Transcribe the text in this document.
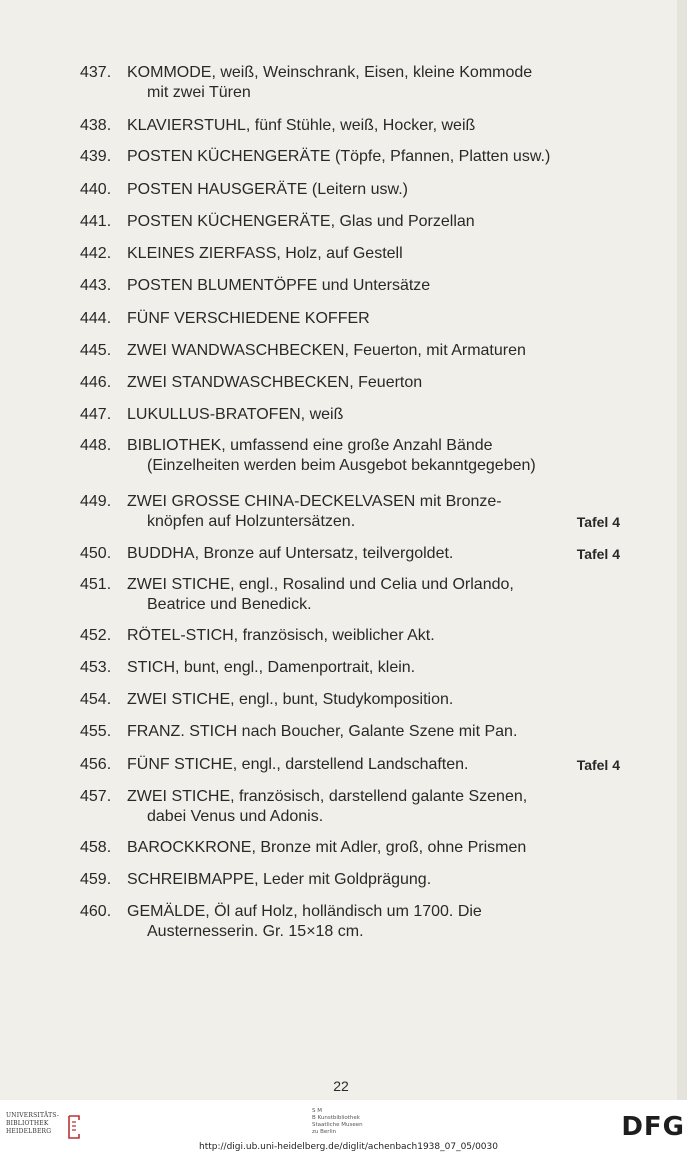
437. KOMMODE, weiß, Weinschrank, Eisen, kleine Kommode
mit zwei Türen
438. KLAVIERSTUHL, fünf Stühle, weiß, Hocker, weiß
439. POSTEN KÜCHENGERÄTE (Töpfe, Pfannen, Platten usw.)
440. POSTEN HAUSGERÄTE (Leitern usw.)
441. POSTEN KÜCHENGERÄTE, Glas und Porzellan
442. KLEINES ZIERFASS, Holz, auf Gestell
443. POSTEN BLUMENTÖPFE und Untersätze
444. FÜNF VERSCHIEDENE KOFFER
445. ZWEI WANDWASCHBECKEN, Feuerton, mit Armaturen
446. ZWEI STANDWASCHBECKEN, Feuerton
447. LUKULLUS-BRATOFEN, weiß
448. BIBLIOTHEK, umfassend eine große Anzahl Bände
(Einzelheiten werden beim Ausgebot bekanntgegeben)
449. ZWEI GROSSE CHINA-DECKELVASEN mit Bronze-
knöpfen auf Holzuntersätzen.	Tafel 4
450. BUDDHA, Bronze auf Untersatz, teilvergoldet.	Tafel 4
451. ZWEI STICHE, engl., Rosalind und Celia und Orlando,
Beatrice und Benedick.
452. RÖTEL-STICH, französisch, weiblicher Akt.
453. STICH, bunt, engl., Damenportrait, klein.
454. ZWEI STICHE, engl., bunt, Studykomposition.
455. FRANZ. STICH nach Boucher, Galante Szene mit Pan.
456. FÜNF STICHE, engl., darstellend Landschaften.	Tafel 4
457. ZWEI STICHE, französisch, darstellend galante Szenen,
dabei Venus und Adonis.
458. BAROCKKRONE, Bronze mit Adler, groß, ohne Prismen
459. SCHREIBMAPPE, Leder mit Goldprägung.
460. GEMÄLDE, Öl auf Holz, holländisch um 1700. Die
Austernesserin. Gr. 15×18 cm.
22
UNIVERSITÄTS-
BIBLIOTHEK
HEIDELBERG
S M
B Kunstbibliothek
Staatliche Museen
zu Berlin	DFG
http://digi.ub.uni-heidelberg.de/diglit/achenbach1938_07_05/0030
